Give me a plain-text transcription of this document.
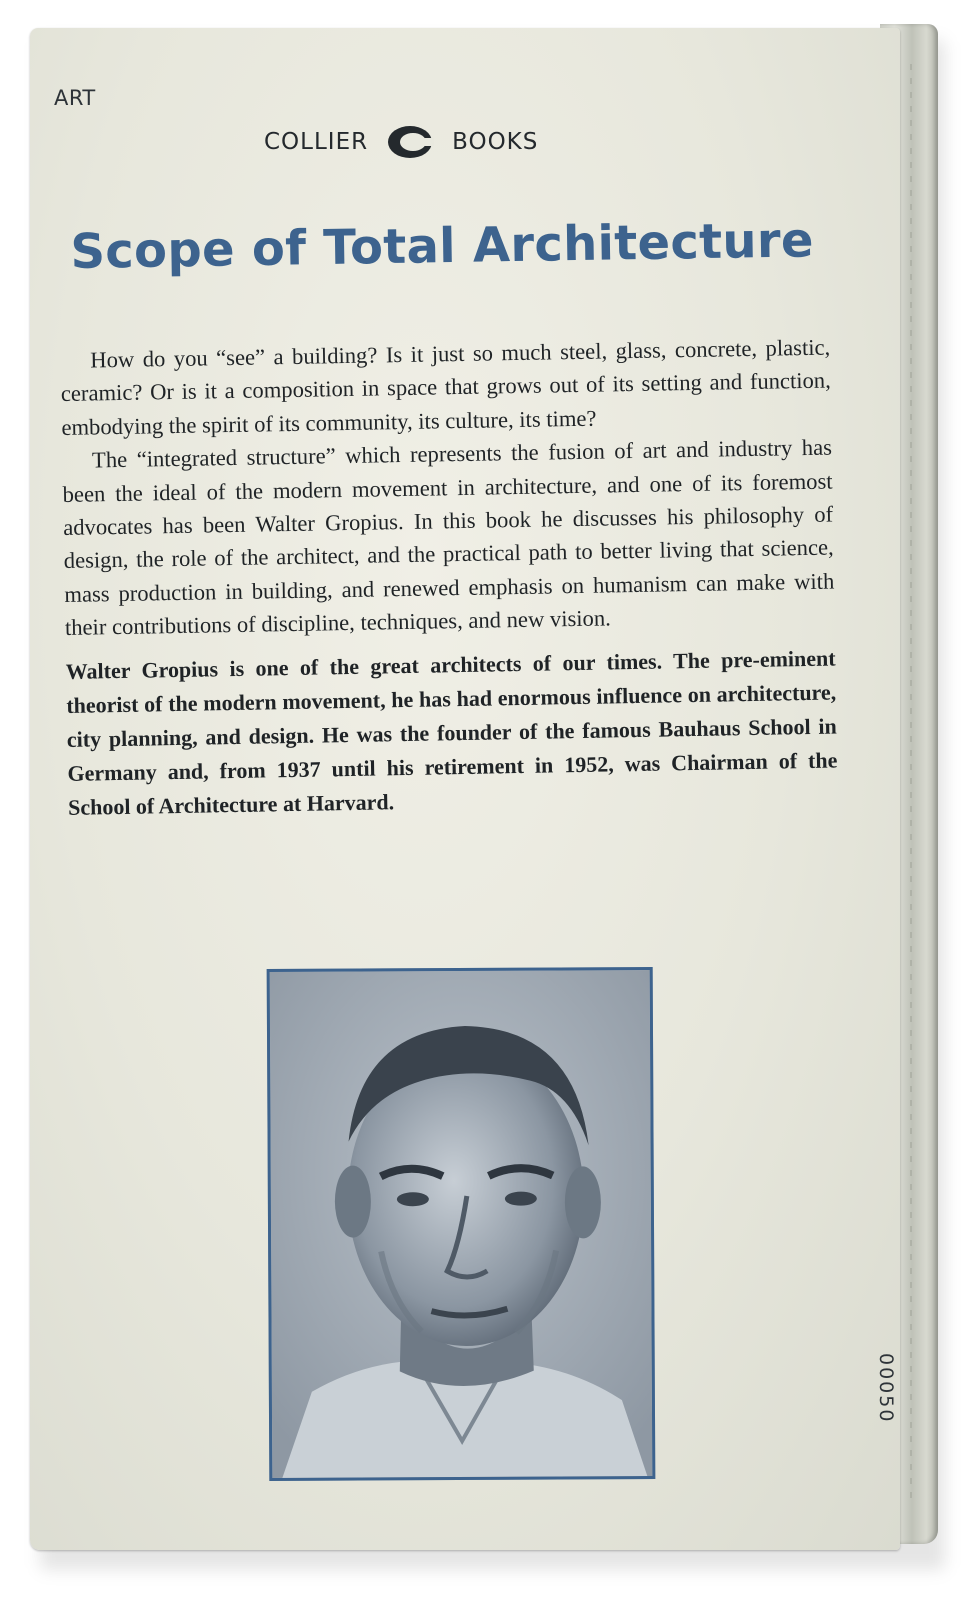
ART
COLLIER	BOOKS
Scope of Total Architecture

How do you “see” a building? Is it just so much steel, glass, concrete, plastic, ceramic? Or is it a composition in space that grows out of its setting and function, embodying the spirit of its community, its culture, its time?

The “integrated structure” which represents the fusion of art and industry has been the ideal of the modern movement in architecture, and one of its foremost advocates has been Walter Gropius. In this book he discusses his philosophy of design, the role of the architect, and the practical path to better living that science, mass production in building, and renewed emphasis on humanism can make with their contributions of discipline, techniques, and new vision.

Walter Gropius is one of the great architects of our times. The pre-eminent theorist of the modern movement, he has had enormous influence on architecture, city planning, and design. He was the founder of the famous Bauhaus School in Germany and, from 1937 until his retirement in 1952, was Chairman of the School of Architecture at Harvard.

00050
